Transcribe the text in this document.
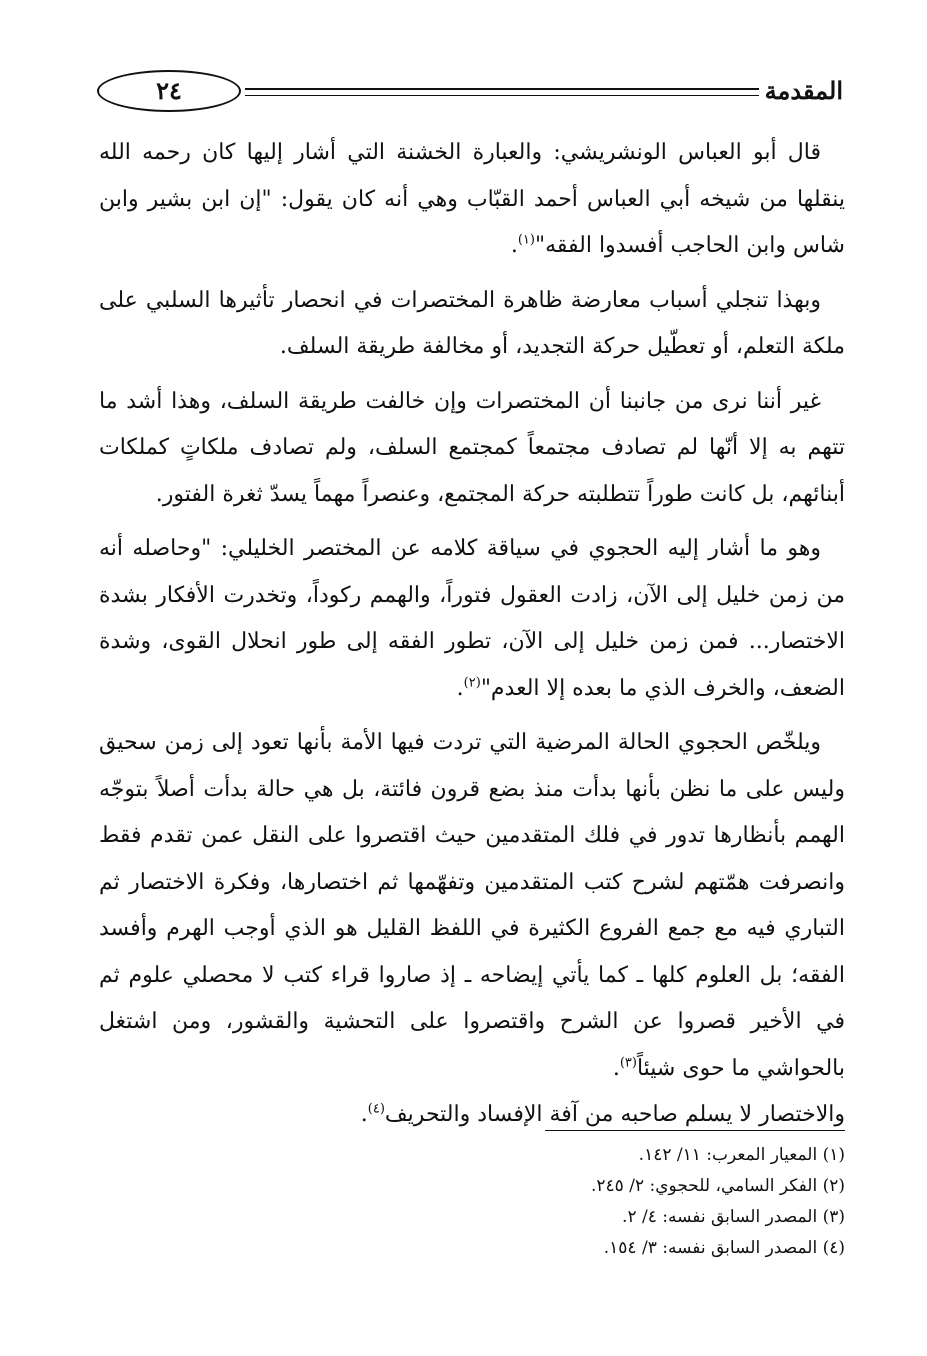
المقدمة
٢٤

قال أبو العباس الونشريشي: والعبارة الخشنة التي أشار إليها كان رحمه الله ينقلها من شيخه أبي العباس أحمد القبّاب وهي أنه كان يقول: "إن ابن بشير وابن شاس وابن الحاجب أفسدوا الفقه"$^{(١)}$.

وبهذا تنجلي أسباب معارضة ظاهرة المختصرات في انحصار تأثيرها السلبي على ملكة التعلم، أو تعطّيل حركة التجديد، أو مخالفة طريقة السلف.

غير أننا نرى من جانبنا أن المختصرات وإن خالفت طريقة السلف، وهذا أشد ما تتهم به إلا أنّها لم تصادف مجتمعاً كمجتمع السلف، ولم تصادف ملكاتٍ كملكات أبنائهم، بل كانت طوراً تتطلبته حركة المجتمع، وعنصراً مهماً يسدّ ثغرة الفتور.

وهو ما أشار إليه الحجوي في سياقة كلامه عن المختصر الخليلي: "وحاصله أنه من زمن خليل إلى الآن، زادت العقول فتوراً، والهمم ركوداً، وتخدرت الأفكار بشدة الاختصار... فمن زمن خليل إلى الآن، تطور الفقه إلى طور انحلال القوى، وشدة الضعف، والخرف الذي ما بعده إلا العدم"$^{(٢)}$.

ويلخّص الحجوي الحالة المرضية التي تردت فيها الأمة بأنها تعود إلى زمن سحيق وليس على ما نظن بأنها بدأت منذ بضع قرون فائتة، بل هي حالة بدأت أصلاً بتوجّه الهمم بأنظارها تدور في فلك المتقدمين حيث اقتصروا على النقل عمن تقدم فقط وانصرفت همّتهم لشرح كتب المتقدمين وتفهّمها ثم اختصارها، وفكرة الاختصار ثم التباري فيه مع جمع الفروع الكثيرة في اللفظ القليل هو الذي أوجب الهرم وأفسد الفقه؛ بل العلوم كلها ـ كما يأتي إيضاحه ـ إذ صاروا قراء كتب لا محصلي علوم ثم في الأخير قصروا عن الشرح واقتصروا على التحشية والقشور، ومن اشتغل بالحواشي ما حوى شيئاً$^{(٣)}$.

والاختصار لا يسلم صاحبه من آفة الإفساد والتحريف$^{(٤)}$.

(١) المعيار المعرب: ١١/ ١٤٢.
(٢) الفكر السامي، للحجوي: ٢/ ٢٤٥.
(٣) المصدر السابق نفسه: ٤/ ٢.
(٤) المصدر السابق نفسه: ٣/ ١٥٤.
